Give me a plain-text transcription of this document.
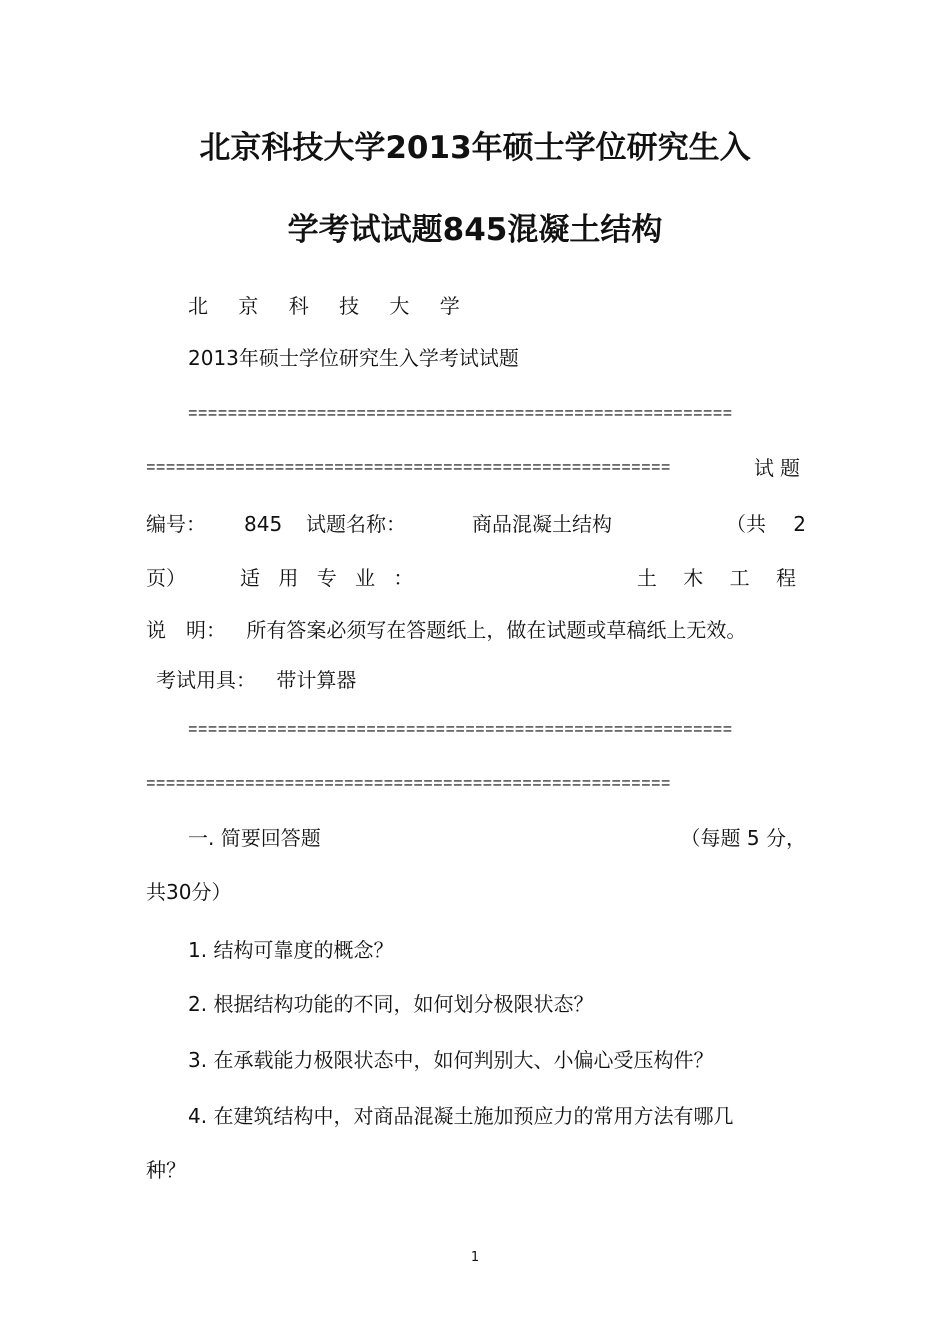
北京科技大学2013年硕士学位研究生入
学考试试题845混凝土结构
北 京 科 技 大 学
2013年硕士学位研究生入学考试试题
=======================================================
=====================================================	试题
编号： 845 试题名称：	商品混凝土结构	（共 2
页）	适 用 专 业 ：	土 木 工 程
说　明： 所有答案必须写在答题纸上，做在试题或草稿纸上无效。
考试用具： 带计算器
=======================================================
=====================================================
一. 简要回答题	（每题 5 分，
共30分）
1. 结构可靠度的概念？
2. 根据结构功能的不同，如何划分极限状态？
3. 在承载能力极限状态中，如何判别大、小偏心受压构件？
4. 在建筑结构中，对商品混凝土施加预应力的常用方法有哪几
种？
1
